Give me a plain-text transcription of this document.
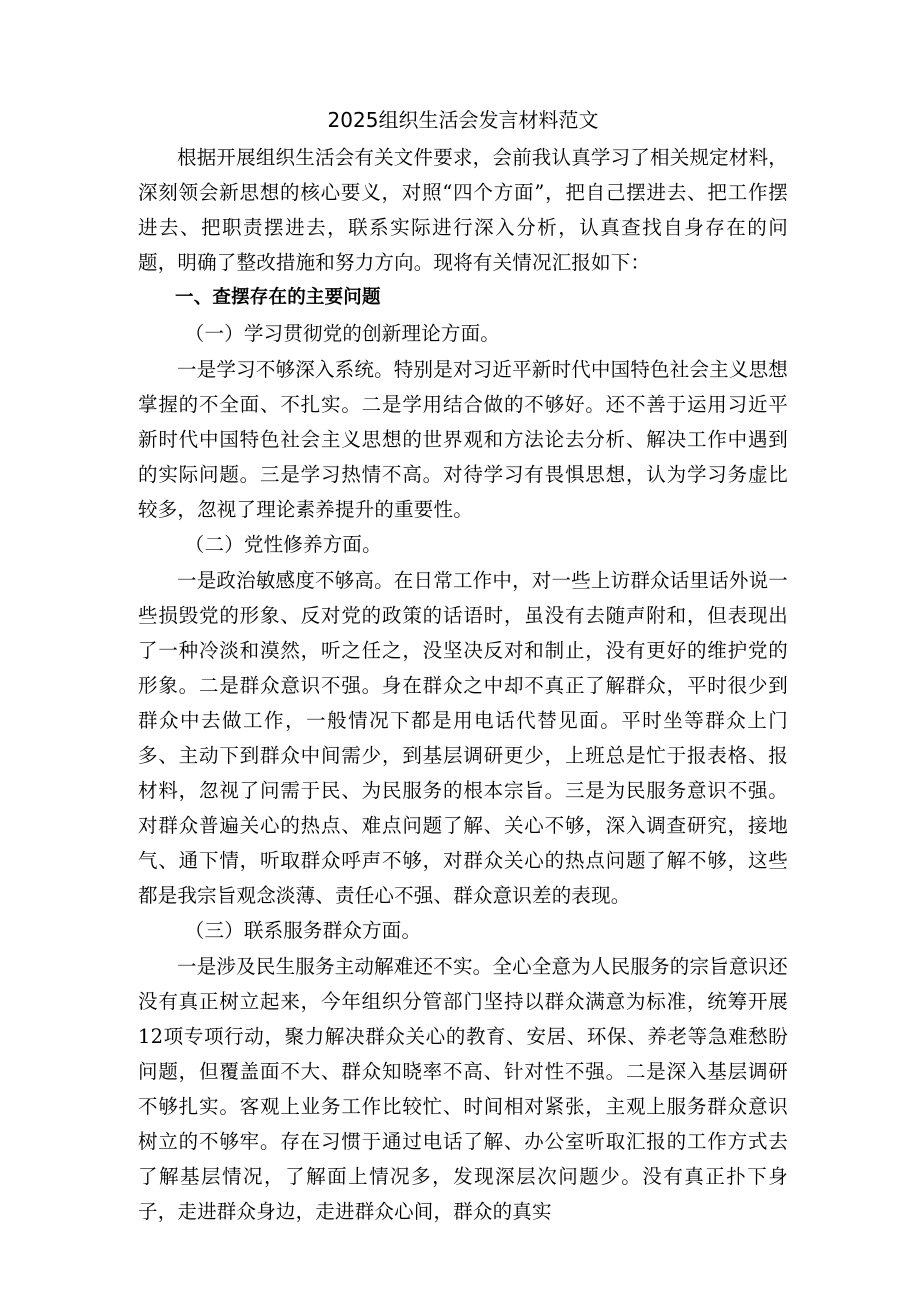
2025组织生活会发言材料范文

根据开展组织生活会有关文件要求，会前我认真学习了相关规定材料，深刻领会新思想的核心要义，对照“四个方面”，把自己摆进去、把工作摆进去、把职责摆进去，联系实际进行深入分析，认真查找自身存在的问题，明确了整改措施和努力方向。现将有关情况汇报如下：

一、查摆存在的主要问题

（一）学习贯彻党的创新理论方面。

一是学习不够深入系统。特别是对习近平新时代中国特色社会主义思想掌握的不全面、不扎实。二是学用结合做的不够好。还不善于运用习近平新时代中国特色社会主义思想的世界观和方法论去分析、解决工作中遇到的实际问题。三是学习热情不高。对待学习有畏惧思想，认为学习务虚比较多，忽视了理论素养提升的重要性。

（二）党性修养方面。

一是政治敏感度不够高。在日常工作中，对一些上访群众话里话外说一些损毁党的形象、反对党的政策的话语时，虽没有去随声附和，但表现出了一种冷淡和漠然，听之任之，没坚决反对和制止，没有更好的维护党的形象。二是群众意识不强。身在群众之中却不真正了解群众，平时很少到群众中去做工作，一般情况下都是用电话代替见面。平时坐等群众上门多、主动下到群众中间需少，到基层调研更少，上班总是忙于报表格、报材料，忽视了问需于民、为民服务的根本宗旨。三是为民服务意识不强。对群众普遍关心的热点、难点问题了解、关心不够，深入调查研究，接地气、通下情，听取群众呼声不够，对群众关心的热点问题了解不够，这些都是我宗旨观念淡薄、责任心不强、群众意识差的表现。

（三）联系服务群众方面。

一是涉及民生服务主动解难还不实。全心全意为人民服务的宗旨意识还没有真正树立起来，今年组织分管部门坚持以群众满意为标准，统筹开展12项专项行动，聚力解决群众关心的教育、安居、环保、养老等急难愁盼问题，但覆盖面不大、群众知晓率不高、针对性不强。二是深入基层调研不够扎实。客观上业务工作比较忙、时间相对紧张，主观上服务群众意识树立的不够牢。存在习惯于通过电话了解、办公室听取汇报的工作方式去了解基层情况，了解面上情况多，发现深层次问题少。没有真正扑下身子，走进群众身边，走进群众心间，群众的真实
